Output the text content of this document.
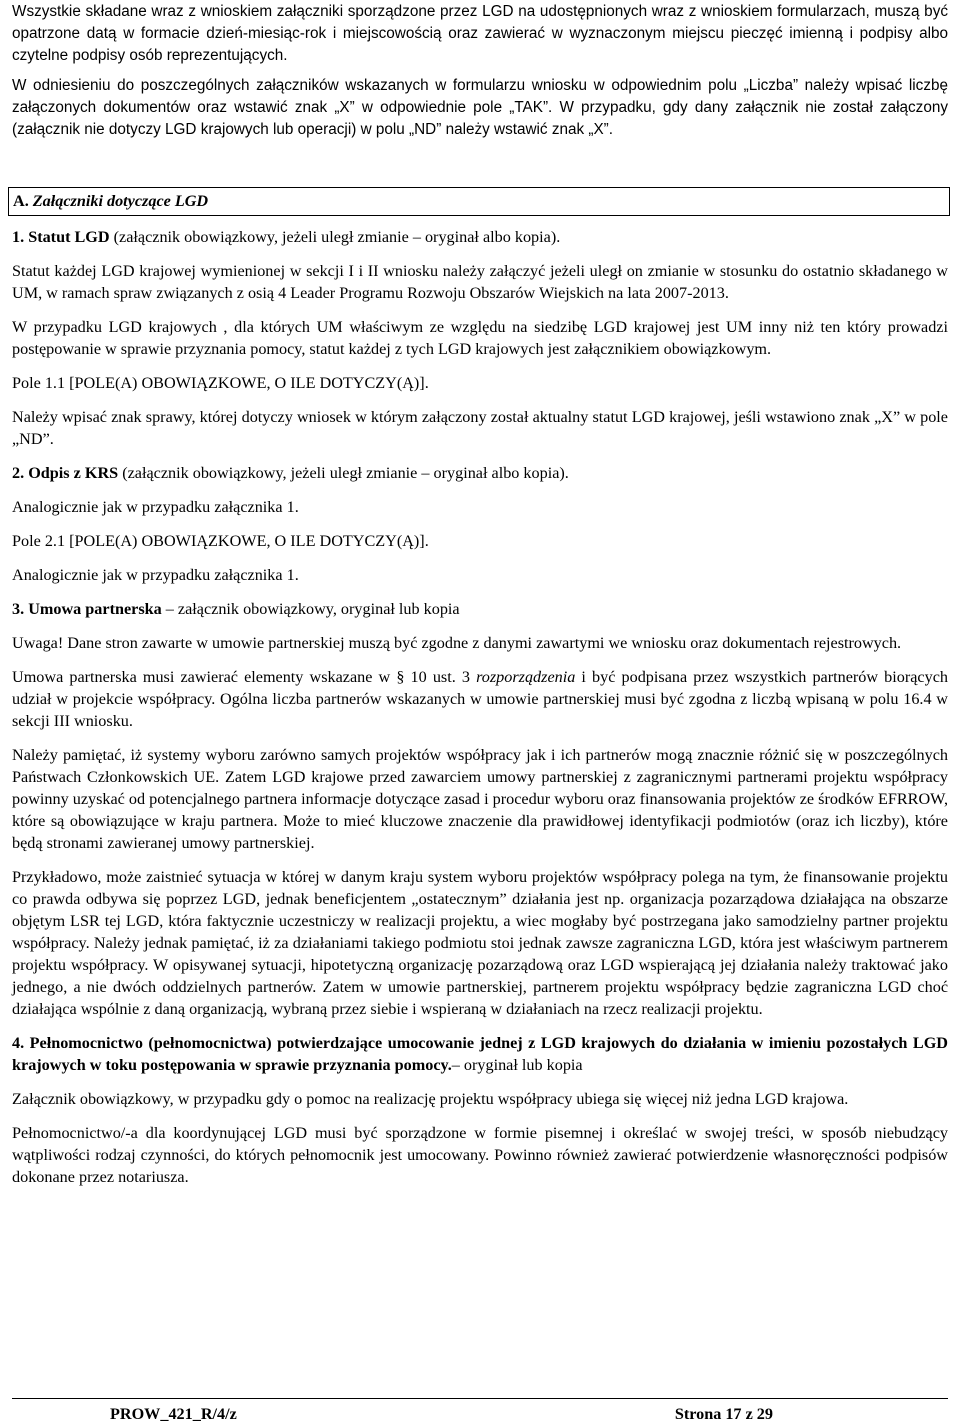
Wszystkie składane wraz z wnioskiem załączniki sporządzone przez LGD na udostępnionych wraz z wnioskiem formularzach, muszą być opatrzone datą w formacie dzień-miesiąc-rok i miejscowością oraz zawierać w wyznaczonym miejscu pieczęć imienną i podpisy albo czytelne podpisy osób reprezentujących.

W odniesieniu do poszczególnych załączników wskazanych w formularzu wniosku w odpowiednim polu „Liczba” należy wpisać liczbę załączonych dokumentów oraz wstawić znak „X” w odpowiednie pole „TAK”. W przypadku, gdy dany załącznik nie został załączony (załącznik nie dotyczy LGD krajowych lub operacji) w polu „ND” należy wstawić znak „X”.

A. Załączniki dotyczące LGD

1. Statut LGD (załącznik obowiązkowy, jeżeli uległ zmianie – oryginał albo kopia).

Statut każdej LGD krajowej wymienionej w sekcji I i II wniosku należy załączyć jeżeli uległ on zmianie w stosunku do ostatnio składanego w UM, w ramach spraw związanych z osią 4 Leader Programu Rozwoju Obszarów Wiejskich na lata 2007-2013.

W przypadku LGD krajowych , dla których UM właściwym ze względu na siedzibę LGD krajowej jest UM inny niż ten który prowadzi postępowanie w sprawie przyznania pomocy, statut każdej z tych LGD krajowych jest załącznikiem obowiązkowym.

Pole 1.1 [POLE(A) OBOWIĄZKOWE, O ILE DOTYCZY(Ą)].

Należy wpisać znak sprawy, której dotyczy wniosek w którym załączony został aktualny statut LGD krajowej, jeśli wstawiono znak „X” w pole „ND”.

2. Odpis z KRS (załącznik obowiązkowy, jeżeli uległ zmianie – oryginał albo kopia).

Analogicznie jak w przypadku załącznika 1.

Pole 2.1 [POLE(A) OBOWIĄZKOWE, O ILE DOTYCZY(Ą)].

Analogicznie jak w przypadku załącznika 1.

3. Umowa partnerska – załącznik obowiązkowy, oryginał lub kopia

Uwaga! Dane stron zawarte w umowie partnerskiej muszą być zgodne z danymi zawartymi we wniosku oraz dokumentach rejestrowych.

Umowa partnerska musi zawierać elementy wskazane w § 10 ust. 3 rozporządzenia i być podpisana przez wszystkich partnerów biorących udział w projekcie współpracy. Ogólna liczba partnerów wskazanych w umowie partnerskiej musi być zgodna z liczbą wpisaną w polu 16.4 w sekcji III wniosku.

Należy pamiętać, iż systemy wyboru zarówno samych projektów współpracy jak i ich partnerów mogą znacznie różnić się w poszczególnych Państwach Członkowskich UE. Zatem LGD krajowe przed zawarciem umowy partnerskiej z zagranicznymi partnerami projektu współpracy powinny uzyskać od potencjalnego partnera informacje dotyczące zasad i procedur wyboru oraz finansowania projektów ze środków EFRROW, które są obowiązujące w kraju partnera. Może to mieć kluczowe znaczenie dla prawidłowej identyfikacji podmiotów (oraz ich liczby), które będą stronami zawieranej umowy partnerskiej.

Przykładowo, może zaistnieć sytuacja w której w danym kraju system wyboru projektów współpracy polega na tym, że finansowanie projektu co prawda odbywa się poprzez LGD, jednak beneficjentem „ostatecznym” działania jest np. organizacja pozarządowa działająca na obszarze objętym LSR tej LGD, która faktycznie uczestniczy w realizacji projektu, a wiec mogłaby być postrzegana jako samodzielny partner projektu współpracy. Należy jednak pamiętać, iż za działaniami takiego podmiotu stoi jednak zawsze zagraniczna LGD, która jest właściwym partnerem projektu współpracy. W opisywanej sytuacji, hipotetyczną organizację pozarządową oraz LGD wspierającą jej działania należy traktować jako jednego, a nie dwóch oddzielnych partnerów. Zatem w umowie partnerskiej, partnerem projektu współpracy będzie zagraniczna LGD choć działająca wspólnie z daną organizacją, wybraną przez siebie i wspieraną w działaniach na rzecz realizacji projektu.

4. Pełnomocnictwo (pełnomocnictwa) potwierdzające umocowanie jednej z LGD krajowych do działania w imieniu pozostałych LGD krajowych w toku postępowania w sprawie przyznania pomocy.– oryginał lub kopia

Załącznik obowiązkowy, w przypadku gdy o pomoc na realizację projektu współpracy ubiega się więcej niż jedna LGD krajowa.

Pełnomocnictwo/-a dla koordynującej LGD musi być sporządzone w formie pisemnej i określać w swojej treści, w sposób niebudzący wątpliwości rodzaj czynności, do których pełnomocnik jest umocowany. Powinno również zawierać potwierdzenie własnoręczności podpisów dokonane przez notariusza.

PROW_421_R/4/z	Strona 17 z 29
